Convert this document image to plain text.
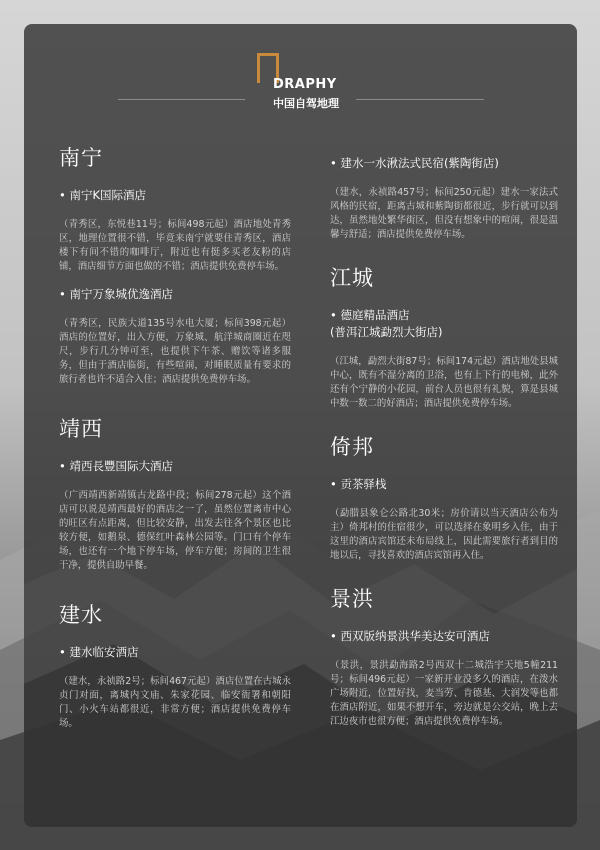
DRAPHY
中国自驾地理
南宁
• 南宁K国际酒店
（青秀区，东悦巷11号；标间498元起）酒店地处青秀区，地理位置很不错，毕竟来南宁就要住青秀区，酒店楼下有间不错的咖啡厅，附近也有挺多买老友粉的店铺，酒店细节方面也做的不错；酒店提供免费停车场。
• 南宁万象城优逸酒店
（青秀区，民族大道135号水电大厦；标间398元起）酒店的位置好，出入方便，万象城、航洋城商圈近在咫尺，步行几分钟可至，也提供下午茶、赠饮等诸多服务，但由于酒店临街，有些喧闹，对睡眠质量有要求的旅行者也许不适合入住；酒店提供免费停车场。
靖西
• 靖西長豐国际大酒店
（广西靖西新靖镇古龙路中段；标间278元起）这个酒店可以说是靖西最好的酒店之一了，虽然位置离市中心的旺区有点距离，但比较安静，出发去往各个景区也比较方便，如鹅泉、德保红叶森林公园等。门口有个停车场，也还有一个地下停车场，停车方便；房间的卫生很干净，提供自助早餐。
建水
• 建水临安酒店
（建水，永祯路2号；标间467元起）酒店位置在古城永贞门对面，离城内文庙、朱家花园、临安衙署和朝阳门、小火车站都很近，非常方便；酒店提供免费停车场。
• 建水一水湫法式民宿(紫陶街店)
（建水，永祯路457号；标间250元起）建水一家法式风格的民宿，距离古城和紫陶街都很近，步行就可以到达，虽然地处繁华街区，但没有想象中的喧闹，很是温馨与舒适；酒店提供免费停车场。
江城
• 德庭精品酒店
(普洱江城勐烈大街店)
（江城，勐烈大街87号；标间174元起）酒店地处县城中心，既有不湿分离的卫浴，也有上下行的电梯，此外还有个宁静的小花园，前台人员也很有礼貌，算是县城中数一数二的好酒店；酒店提供免费停车场。
倚邦
• 贡茶驿栈
（勐腊县象仑公路北30米；房价请以当天酒店公布为主）倚邦村的住宿很少，可以选择在象明乡入住，由于这里的酒店宾馆还未布局线上，因此需要旅行者到目的地以后，寻找喜欢的酒店宾馆再入住。
景洪
• 西双版纳景洪华美达安可酒店
（景洪，景洪勐海路2号西双十二城浩宇天地5幢211号；标间496元起）一家新开业没多久的酒店，在泼水广场附近，位置好找，麦当劳、肯德基、大润发等也都在酒店附近，如果不想开车，旁边就是公交站，晚上去江边夜市也很方便；酒店提供免费停车场。
